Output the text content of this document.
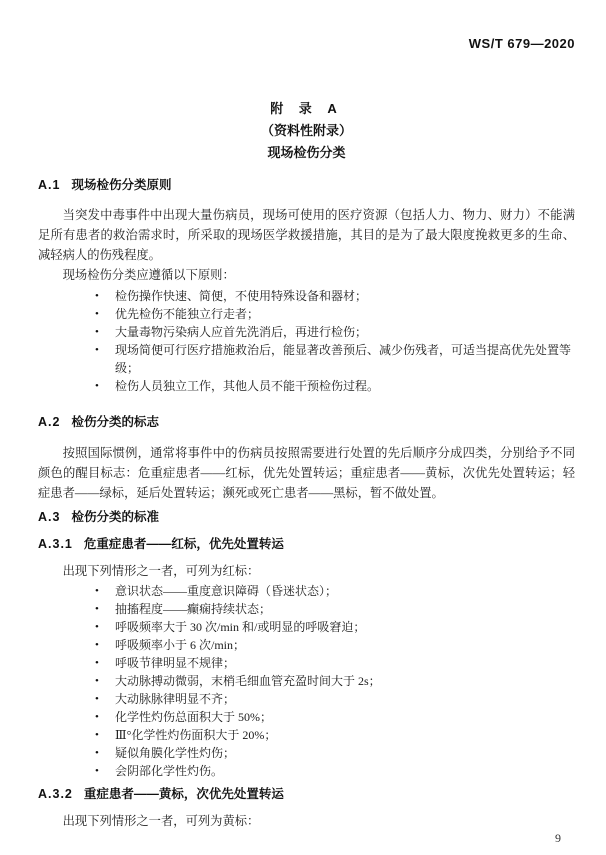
WS/T 679—2020
附 录 A
（资料性附录）
现场检伤分类
A.1 现场检伤分类原则

当突发中毒事件中出现大量伤病员，现场可使用的医疗资源（包括人力、物力、财力）不能满足所有患者的救治需求时，所采取的现场医学救援措施，其目的是为了最大限度挽救更多的生命、减轻病人的伤残程度。

现场检伤分类应遵循以下原则：

•	检伤操作快速、简便，不使用特殊设备和器材；
•	优先检伤不能独立行走者；
•	大量毒物污染病人应首先洗消后，再进行检伤；
•	现场简便可行医疗措施救治后，能显著改善预后、减少伤残者，可适当提高优先处置等级；
•	检伤人员独立工作，其他人员不能干预检伤过程。
A.2 检伤分类的标志

按照国际惯例，通常将事件中的伤病员按照需要进行处置的先后顺序分成四类，分别给予不同颜色的醒目标志：危重症患者——红标，优先处置转运；重症患者——黄标，次优先处置转运；轻症患者——绿标，延后处置转运；濒死或死亡患者——黑标，暂不做处置。

A.3 检伤分类的标准
A.3.1 危重症患者——红标，优先处置转运

出现下列情形之一者，可列为红标：

•	意识状态——重度意识障碍（昏迷状态）；
•	抽搐程度——癫痫持续状态；
•	呼吸频率大于 30 次/min 和/或明显的呼吸窘迫；
•	呼吸频率小于 6 次/min；
•	呼吸节律明显不规律；
•	大动脉搏动微弱，末梢毛细血管充盈时间大于 2s；
•	大动脉脉律明显不齐；
•	化学性灼伤总面积大于 50%；
•	Ⅲ°化学性灼伤面积大于 20%；
•	疑似角膜化学性灼伤；
•	会阴部化学性灼伤。
A.3.2 重症患者——黄标，次优先处置转运

出现下列情形之一者，可列为黄标：

9
